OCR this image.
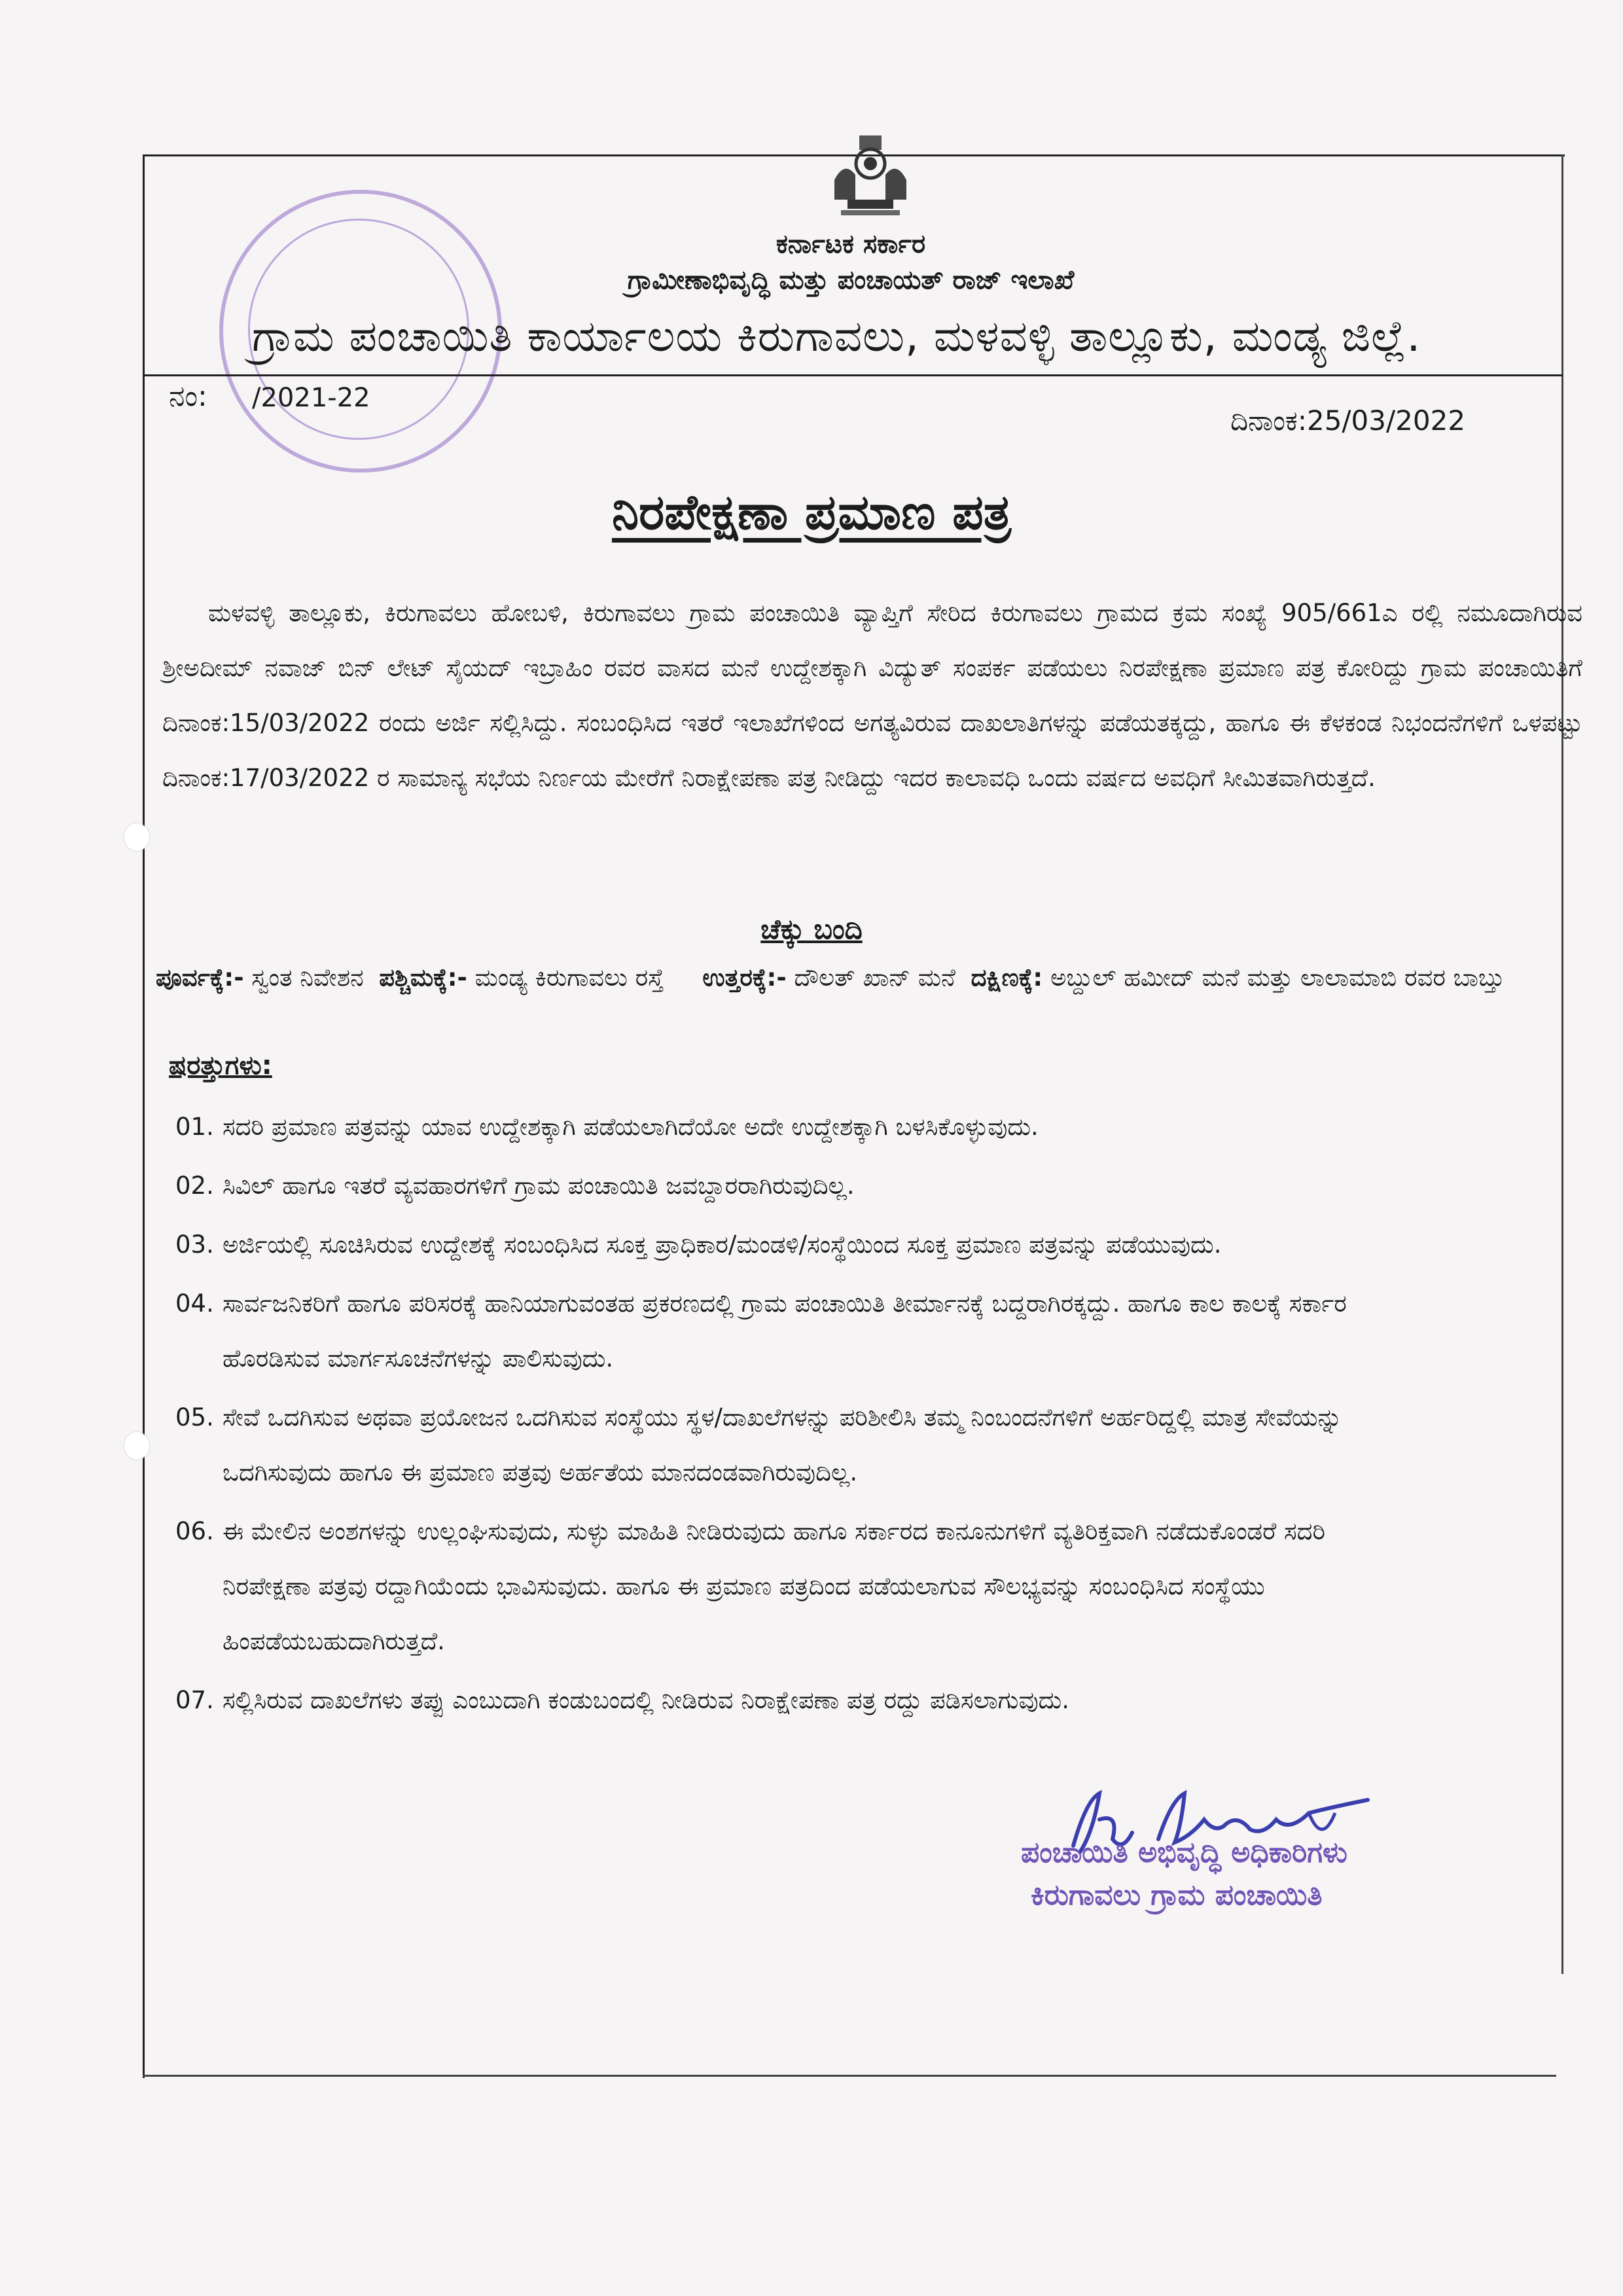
ಕರ್ನಾಟಕ ಸರ್ಕಾರ
ಗ್ರಾಮೀಣಾಭಿವೃದ್ಧಿ ಮತ್ತು ಪಂಚಾಯತ್ ರಾಜ್ ಇಲಾಖೆ
ಗ್ರಾಮ ಪಂಚಾಯಿತಿ ಕಾರ್ಯಾಲಯ ಕಿರುಗಾವಲು, ಮಳವಳ್ಳಿ ತಾಲ್ಲೂಕು, ಮಂಡ್ಯ ಜಿಲ್ಲೆ.
ನಂ: /2021-22
ದಿನಾಂಕ:25/03/2022
ನಿರಪೇಕ್ಷಣಾ ಪ್ರಮಾಣ ಪತ್ರ
ಮಳವಳ್ಳಿ ತಾಲ್ಲೂಕು, ಕಿರುಗಾವಲು ಹೋಬಳಿ, ಕಿರುಗಾವಲು ಗ್ರಾಮ ಪಂಚಾಯಿತಿ ವ್ಯಾಪ್ತಿಗೆ ಸೇರಿದ ಕಿರುಗಾವಲು ಗ್ರಾಮದ ಕ್ರಮ ಸಂಖ್ಯೆ 905/661ಎ ರಲ್ಲಿ ನಮೂದಾಗಿರುವ ಶ್ರೀಅದೀಮ್ ನವಾಜ್ ಬಿನ್ ಲೇಟ್ ಸೈಯದ್ ಇಬ್ರಾಹಿಂ ರವರ ವಾಸದ ಮನೆ ಉದ್ದೇಶಕ್ಕಾಗಿ ವಿದ್ಯುತ್ ಸಂಪರ್ಕ ಪಡೆಯಲು ನಿರಪೇಕ್ಷಣಾ ಪ್ರಮಾಣ ಪತ್ರ ಕೋರಿದ್ದು ಗ್ರಾಮ ಪಂಚಾಯಿತಿಗೆ ದಿನಾಂಕ:15/03/2022 ರಂದು ಅರ್ಜಿ ಸಲ್ಲಿಸಿದ್ದು. ಸಂಬಂಧಿಸಿದ ಇತರೆ ಇಲಾಖೆಗಳಿಂದ ಅಗತ್ಯವಿರುವ ದಾಖಲಾತಿಗಳನ್ನು ಪಡೆಯತಕ್ಕದ್ದು, ಹಾಗೂ ಈ ಕೆಳಕಂಡ ನಿಭಂದನೆಗಳಿಗೆ ಒಳಪಟ್ಟು ದಿನಾಂಕ:17/03/2022 ರ ಸಾಮಾನ್ಯ ಸಭೆಯ ನಿರ್ಣಯ ಮೇರೆಗೆ ನಿರಾಕ್ಷೇಪಣಾ ಪತ್ರ ನೀಡಿದ್ದು ಇದರ ಕಾಲಾವಧಿ ಒಂದು ವರ್ಷದ ಅವಧಿಗೆ ಸೀಮಿತವಾಗಿರುತ್ತದೆ.
ಚೆಕ್ಕು ಬಂದಿ
ಪೂರ್ವಕ್ಕೆ:- ಸ್ವಂತ ನಿವೇಶನ ಪಶ್ಚಿಮಕ್ಕೆ:- ಮಂಡ್ಯ ಕಿರುಗಾವಲು ರಸ್ತೆ ಉತ್ತರಕ್ಕೆ:- ದೌಲತ್ ಖಾನ್ ಮನೆ ದಕ್ಷಿಣಕ್ಕೆ: ಅಬ್ದುಲ್ ಹಮೀದ್ ಮನೆ ಮತ್ತು ಲಾಲಾಮಾಬಿ ರವರ ಬಾಬ್ತು
ಷರತ್ತುಗಳು:
01. ಸದರಿ ಪ್ರಮಾಣ ಪತ್ರವನ್ನು ಯಾವ ಉದ್ದೇಶಕ್ಕಾಗಿ ಪಡೆಯಲಾಗಿದೆಯೋ ಅದೇ ಉದ್ದೇಶಕ್ಕಾಗಿ ಬಳಸಿಕೊಳ್ಳುವುದು.
02. ಸಿವಿಲ್ ಹಾಗೂ ಇತರೆ ವ್ಯವಹಾರಗಳಿಗೆ ಗ್ರಾಮ ಪಂಚಾಯಿತಿ ಜವಬ್ದಾರರಾಗಿರುವುದಿಲ್ಲ.
03. ಅರ್ಜಿಯಲ್ಲಿ ಸೂಚಿಸಿರುವ ಉದ್ದೇಶಕ್ಕೆ ಸಂಬಂಧಿಸಿದ ಸೂಕ್ತ ಪ್ರಾಧಿಕಾರ/ಮಂಡಳಿ/ಸಂಸ್ಥೆಯಿಂದ ಸೂಕ್ತ ಪ್ರಮಾಣ ಪತ್ರವನ್ನು ಪಡೆಯುವುದು.
04. ಸಾರ್ವಜನಿಕರಿಗೆ ಹಾಗೂ ಪರಿಸರಕ್ಕೆ ಹಾನಿಯಾಗುವಂತಹ ಪ್ರಕರಣದಲ್ಲಿ ಗ್ರಾಮ ಪಂಚಾಯಿತಿ ತೀರ್ಮಾನಕ್ಕೆ ಬದ್ದರಾಗಿರಕ್ಕದ್ದು. ಹಾಗೂ ಕಾಲ ಕಾಲಕ್ಕೆ ಸರ್ಕಾರ ಹೊರಡಿಸುವ ಮಾರ್ಗಸೂಚನೆಗಳನ್ನು ಪಾಲಿಸುವುದು.
05. ಸೇವೆ ಒದಗಿಸುವ ಅಥವಾ ಪ್ರಯೋಜನ ಒದಗಿಸುವ ಸಂಸ್ಥೆಯು ಸ್ಥಳ/ದಾಖಲೆಗಳನ್ನು ಪರಿಶೀಲಿಸಿ ತಮ್ಮ ನಿಂಬಂದನೆಗಳಿಗೆ ಅರ್ಹರಿದ್ದಲ್ಲಿ ಮಾತ್ರ ಸೇವೆಯನ್ನು ಒದಗಿಸುವುದು ಹಾಗೂ ಈ ಪ್ರಮಾಣ ಪತ್ರವು ಅರ್ಹತೆಯ ಮಾನದಂಡವಾಗಿರುವುದಿಲ್ಲ.
06. ಈ ಮೇಲಿನ ಅಂಶಗಳನ್ನು ಉಲ್ಲಂಘಿಸುವುದು, ಸುಳ್ಳು ಮಾಹಿತಿ ನೀಡಿರುವುದು ಹಾಗೂ ಸರ್ಕಾರದ ಕಾನೂನುಗಳಿಗೆ ವ್ಯತಿರಿಕ್ತವಾಗಿ ನಡೆದುಕೊಂಡರೆ ಸದರಿ ನಿರಪೇಕ್ಷಣಾ ಪತ್ರವು ರದ್ದಾಗಿಯೆಂದು ಭಾವಿಸುವುದು. ಹಾಗೂ ಈ ಪ್ರಮಾಣ ಪತ್ರದಿಂದ ಪಡೆಯಲಾಗುವ ಸೌಲಭ್ಯವನ್ನು ಸಂಬಂಧಿಸಿದ ಸಂಸ್ಥೆಯು ಹಿಂಪಡೆಯಬಹುದಾಗಿರುತ್ತದೆ.
07. ಸಲ್ಲಿಸಿರುವ ದಾಖಲೆಗಳು ತಪ್ಪು ಎಂಬುದಾಗಿ ಕಂಡುಬಂದಲ್ಲಿ ನೀಡಿರುವ ನಿರಾಕ್ಷೇಪಣಾ ಪತ್ರ ರದ್ದು ಪಡಿಸಲಾಗುವುದು.
ಪಂಚಾಯಿತಿ ಅಭಿವೃದ್ಧಿ ಅಧಿಕಾರಿಗಳು
ಕಿರುಗಾವಲು ಗ್ರಾಮ ಪಂಚಾಯಿತಿ
